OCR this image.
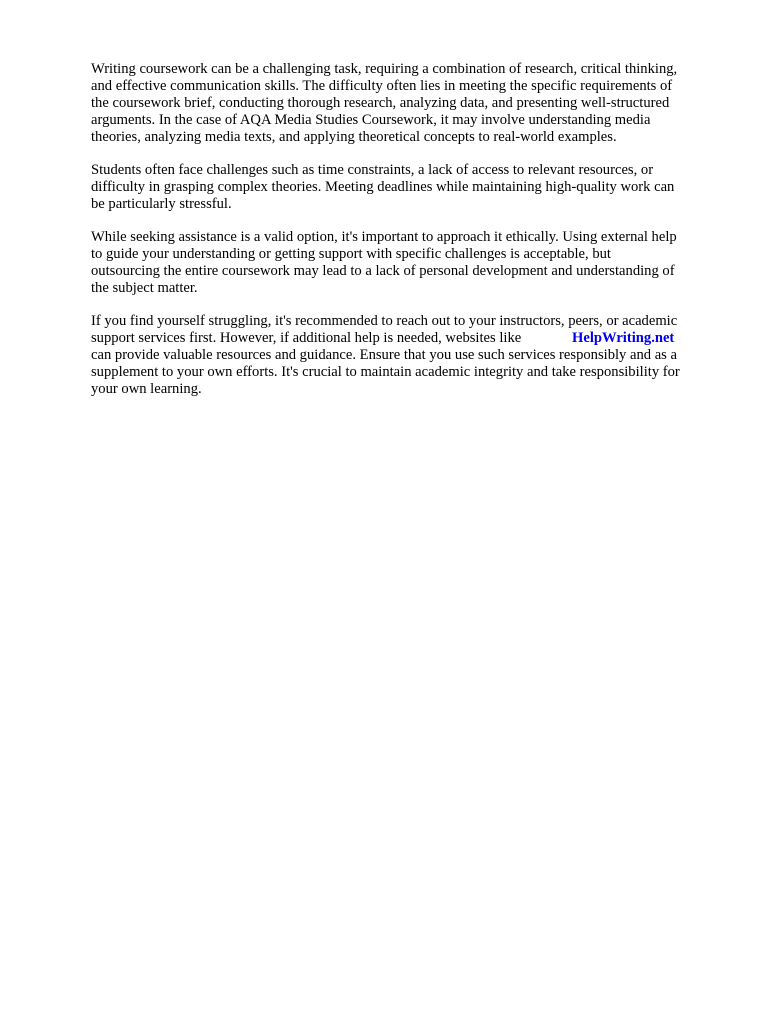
Writing coursework can be a challenging task, requiring a combination of research, critical thinking,
and effective communication skills. The difficulty often lies in meeting the specific requirements of
the coursework brief, conducting thorough research, analyzing data, and presenting well-structured
arguments. In the case of AQA Media Studies Coursework, it may involve understanding media
theories, analyzing media texts, and applying theoretical concepts to real-world examples.
Students often face challenges such as time constraints, a lack of access to relevant resources, or
difficulty in grasping complex theories. Meeting deadlines while maintaining high-quality work can
be particularly stressful.
While seeking assistance is a valid option, it's important to approach it ethically. Using external help
to guide your understanding or getting support with specific challenges is acceptable, but
outsourcing the entire coursework may lead to a lack of personal development and understanding of
the subject matter.
If you find yourself struggling, it's recommended to reach out to your instructors, peers, or academic
support services first. However, if additional help is needed, websites like	HelpWriting.net
can provide valuable resources and guidance. Ensure that you use such services responsibly and as a
supplement to your own efforts. It's crucial to maintain academic integrity and take responsibility for
your own learning.
